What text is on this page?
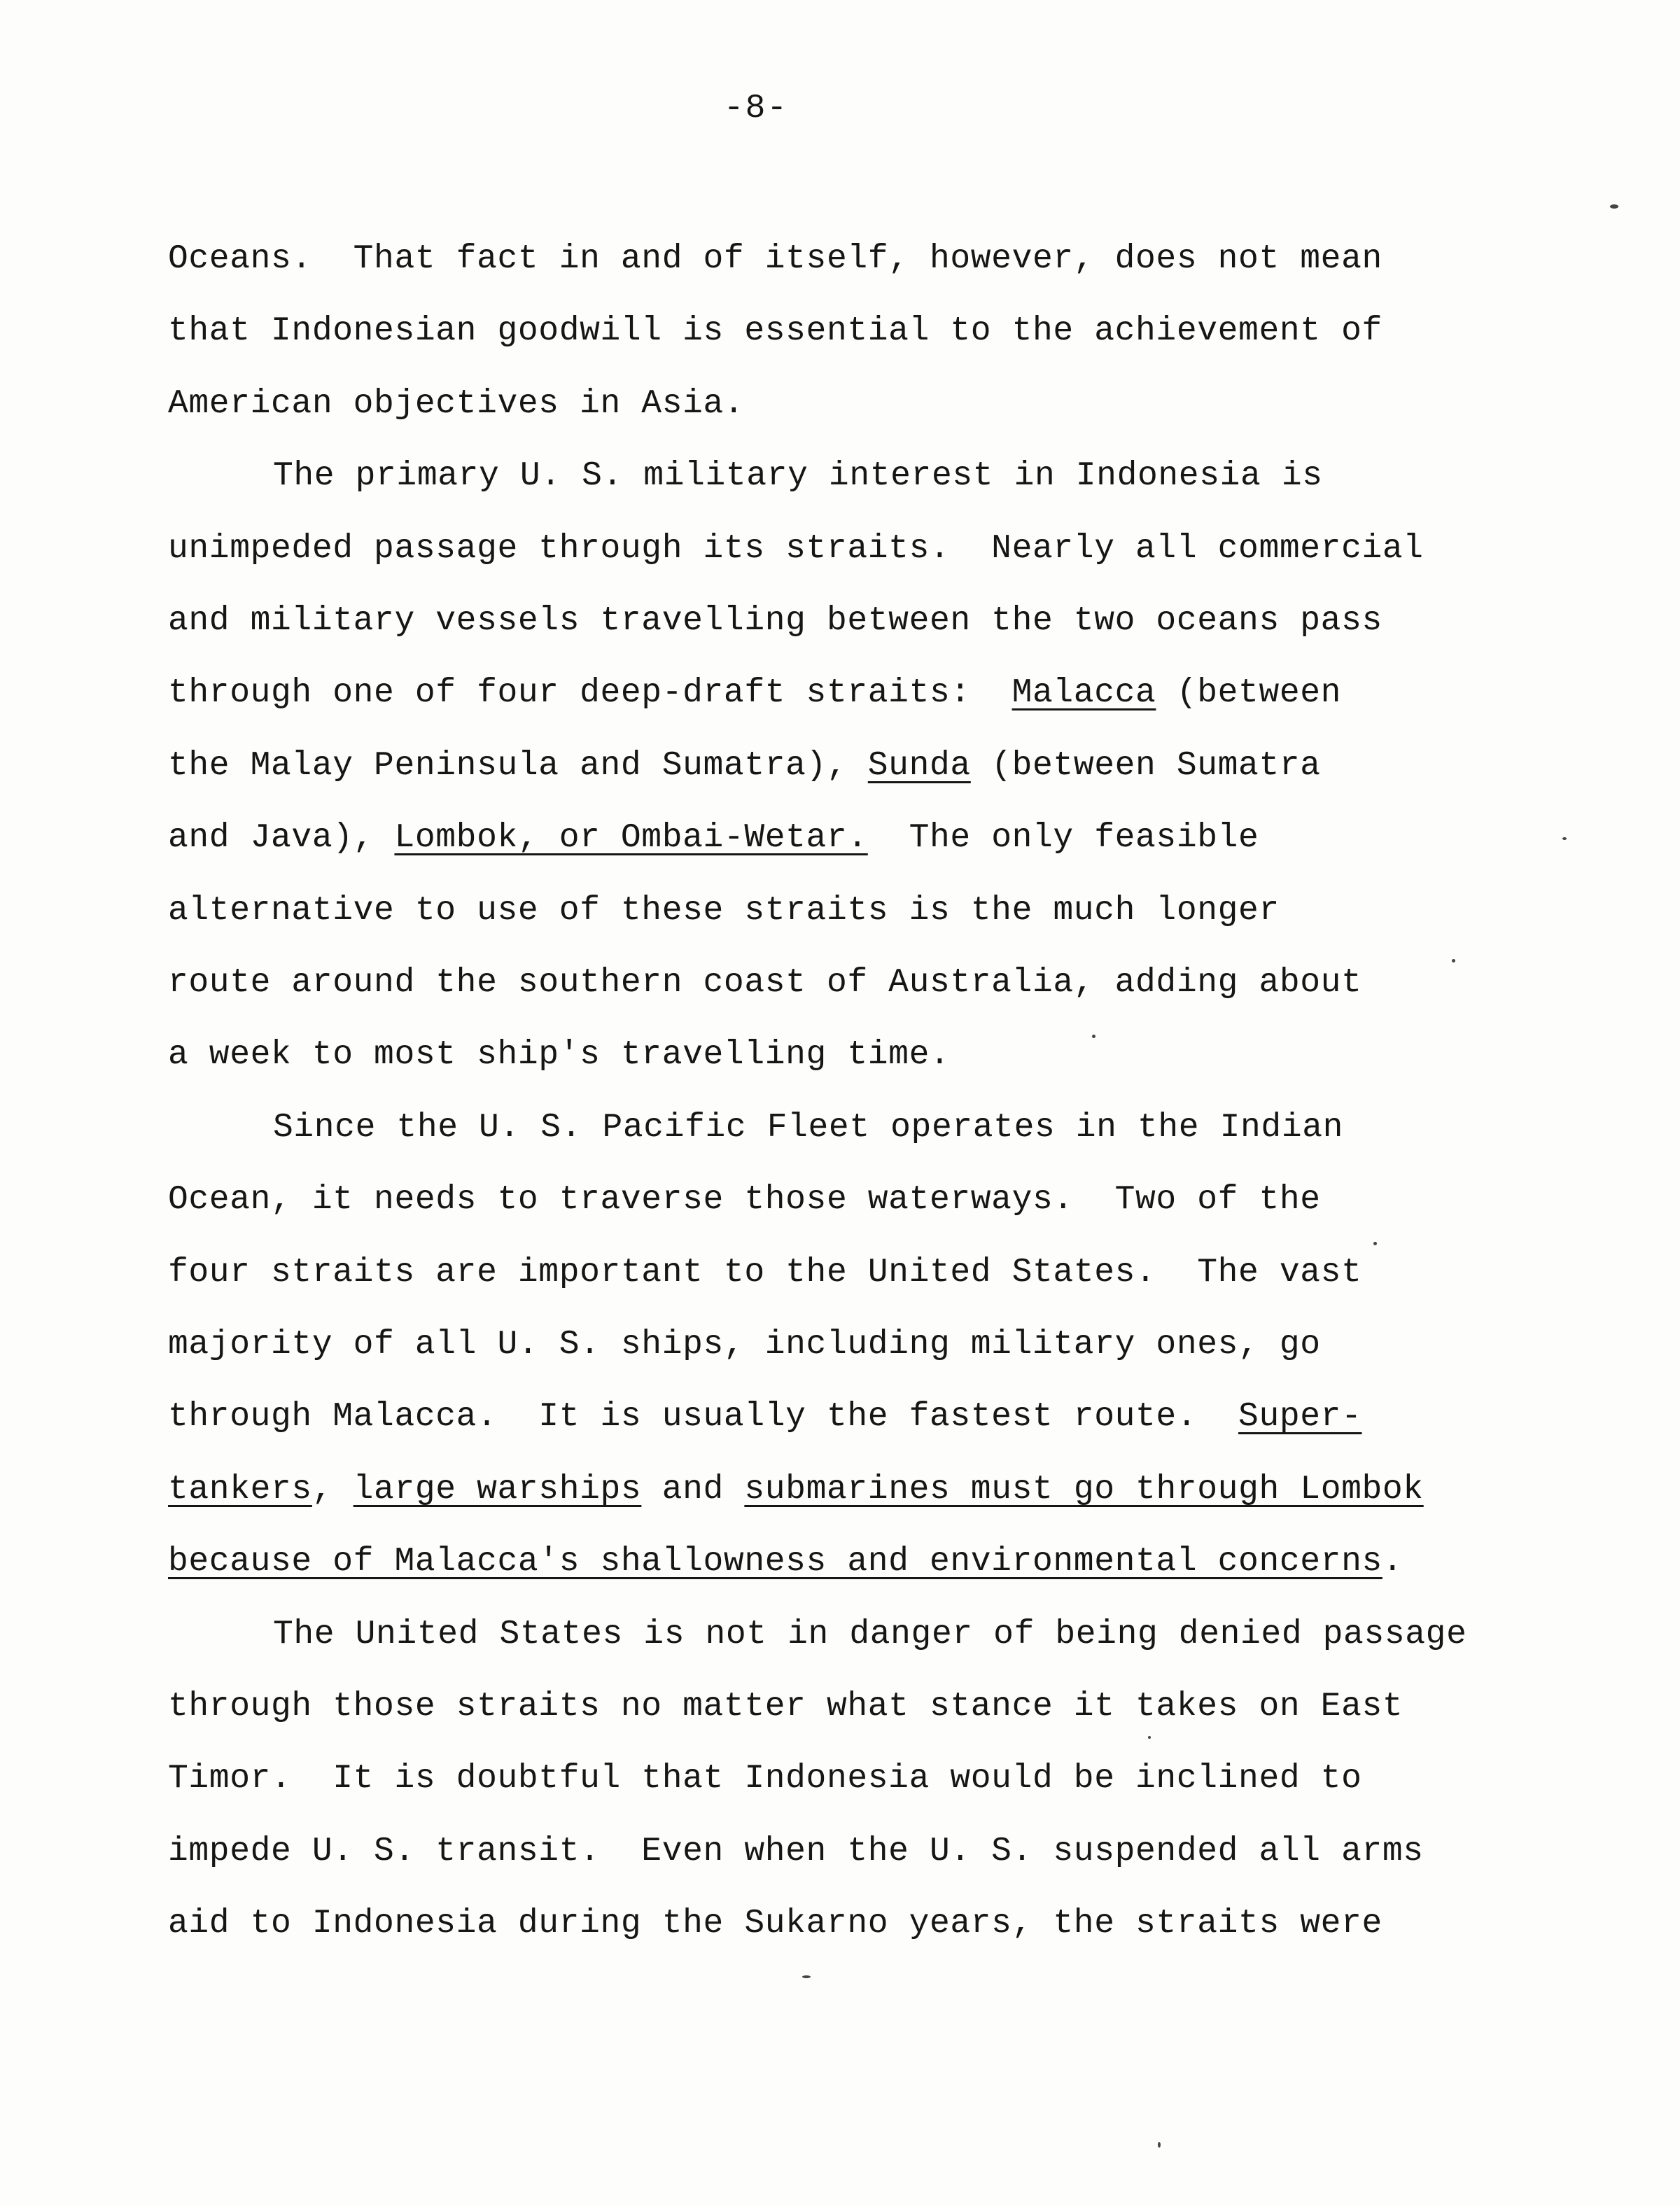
-8-

Oceans.  That fact in and of itself, however, does not mean

that Indonesian goodwill is essential to the achievement of

American objectives in Asia.

The primary U. S. military interest in Indonesia is

unimpeded passage through its straits.  Nearly all commercial

and military vessels travelling between the two oceans pass

through one of four deep-draft straits:  Malacca (between

the Malay Peninsula and Sumatra), Sunda (between Sumatra

and Java), Lombok, or Ombai-Wetar.  The only feasible

alternative to use of these straits is the much longer

route around the southern coast of Australia, adding about

a week to most ship's travelling time.

Since the U. S. Pacific Fleet operates in the Indian

Ocean, it needs to traverse those waterways.  Two of the

four straits are important to the United States.  The vast

majority of all U. S. ships, including military ones, go

through Malacca.  It is usually the fastest route.  Super-

tankers, large warships and submarines must go through Lombok

because of Malacca's shallowness and environmental concerns.

The United States is not in danger of being denied passage

through those straits no matter what stance it takes on East

Timor.  It is doubtful that Indonesia would be inclined to

impede U. S. transit.  Even when the U. S. suspended all arms

aid to Indonesia during the Sukarno years, the straits were
